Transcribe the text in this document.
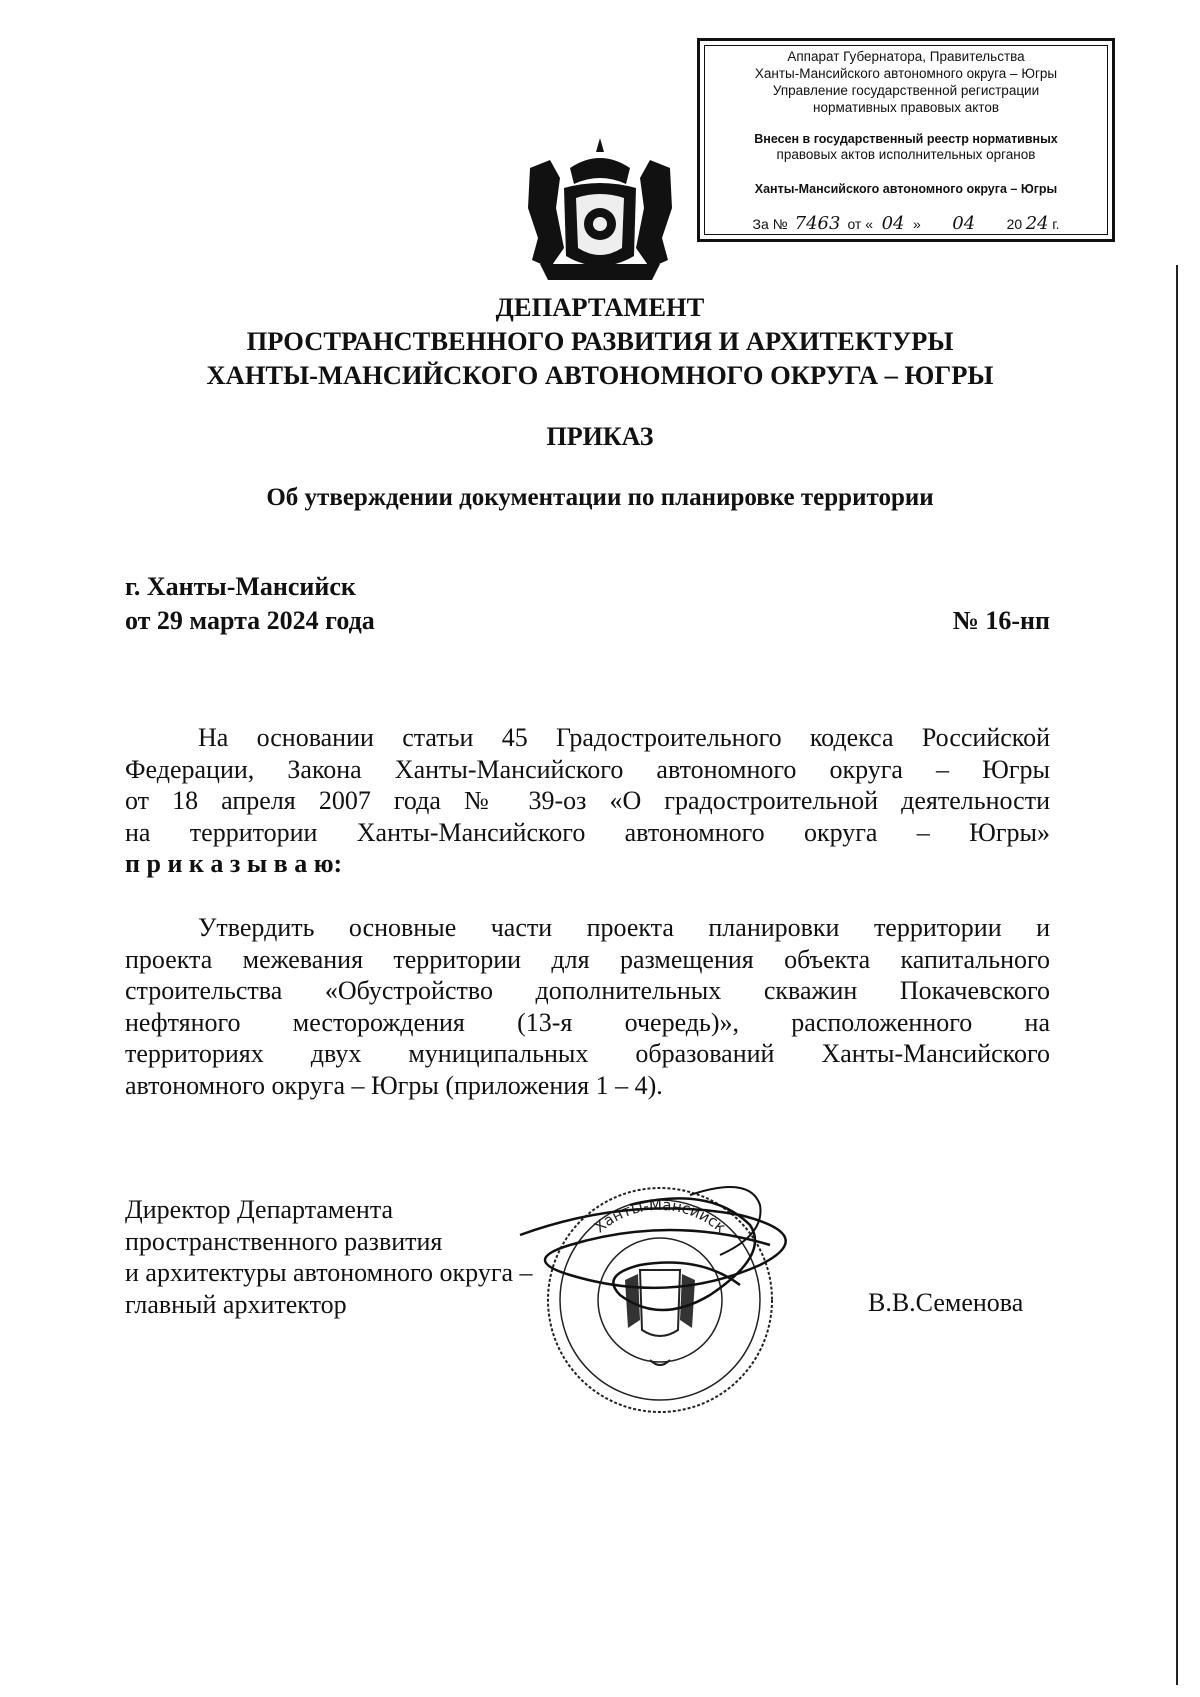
Аппарат Губернатора, Правительства
Ханты-Мансийского автономного округа – Югры
Управление государственной регистрации
нормативных правовых актов
Внесен в государственный реестр нормативных
правовых актов исполнительных органов
Ханты-Мансийского автономного округа – Югры
За № 7463 от « 04 » 04 20 24 г.
ДЕПАРТАМЕНТ
ПРОСТРАНСТВЕННОГО РАЗВИТИЯ И АРХИТЕКТУРЫ
ХАНТЫ-МАНСИЙСКОГО АВТОНОМНОГО ОКРУГА – ЮГРЫ
ПРИКАЗ
Об утверждении документации по планировке территории
г. Ханты-Мансийск
от 29 марта 2024 года	№ 16-нп
На основании статьи 45 Градостроительного кодекса Российской
Федерации, Закона Ханты-Мансийского автономного округа – Югры
от 18 апреля 2007 года № 39-оз «О градостроительной деятельности
на территории Ханты-Мансийского автономного округа – Югры»
п р и к а з ы в а ю:
Утвердить основные части проекта планировки территории и
проекта межевания территории для размещения объекта капитального
строительства «Обустройство дополнительных скважин Покачевского
нефтяного месторождения (13-я очередь)», расположенного на
территориях двух муниципальных образований Ханты-Мансийского
автономного округа – Югры (приложения 1 – 4).
Директор Департамента
пространственного развития
и архитектуры автономного округа –
главный архитектор	В.В.Семенова
Ханты-Мансийск
